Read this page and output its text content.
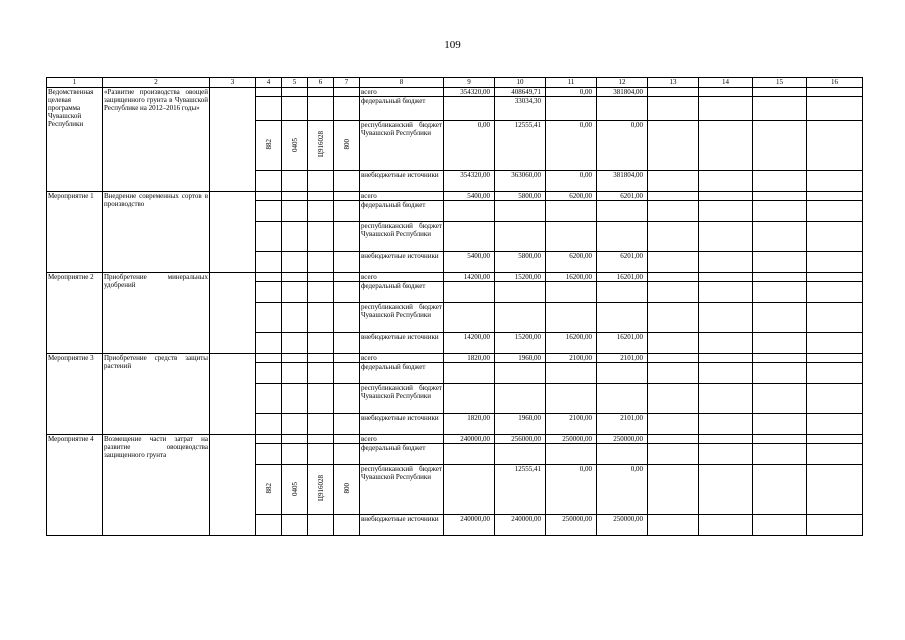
109
1	2	3	4	5	6	7	8	9	10	11	12	13	14	15	16
Ведомственная целевая программа Чувашской Республики	«Развитие производства овощей защищенного грунта в Чувашской Республике на 2012–2016 годы»						всего	354320,00	408649,71	0,00	381804,00				
							федеральный бюджет		33034,30						
			882	0405	Ц916028	800	республиканский бюджет Чувашской Республики	0,00	12555,41	0,00	0,00				
							внебюджетные источники	354320,00	363060,00	0,00	381804,00				
Мероприятие 1	Внедрение современных сортов в производство						всего	5400,00	5800,00	6200,00	6201,00				
							федеральный бюджет								
							республиканский бюджет Чувашской Республики								
							внебюджетные источники	5400,00	5800,00	6200,00	6201,00				
Мероприятие 2	Приобретение минеральных удобрений						всего	14200,00	15200,00	16200,00	16201,00				
							федеральный бюджет								
							республиканский бюджет Чувашской Республики								
							внебюджетные источники	14200,00	15200,00	16200,00	16201,00				
Мероприятие 3	Приобретение средств защиты растений						всего	1820,00	1960,00	2100,00	2101,00				
							федеральный бюджет								
							республиканский бюджет Чувашской Республики								
							внебюджетные источники	1820,00	1960,00	2100,00	2101,00				
Мероприятие 4	Возмещение части затрат на развитие овощеводства защищенного грунта						всего	240000,00	256000,00	250000,00	250000,00				
							федеральный бюджет								
			882	0405	Ц916028	800	республиканский бюджет Чувашской Республики		12555,41	0,00	0,00				
							внебюджетные источники	240000,00	240000,00	250000,00	250000,00				
